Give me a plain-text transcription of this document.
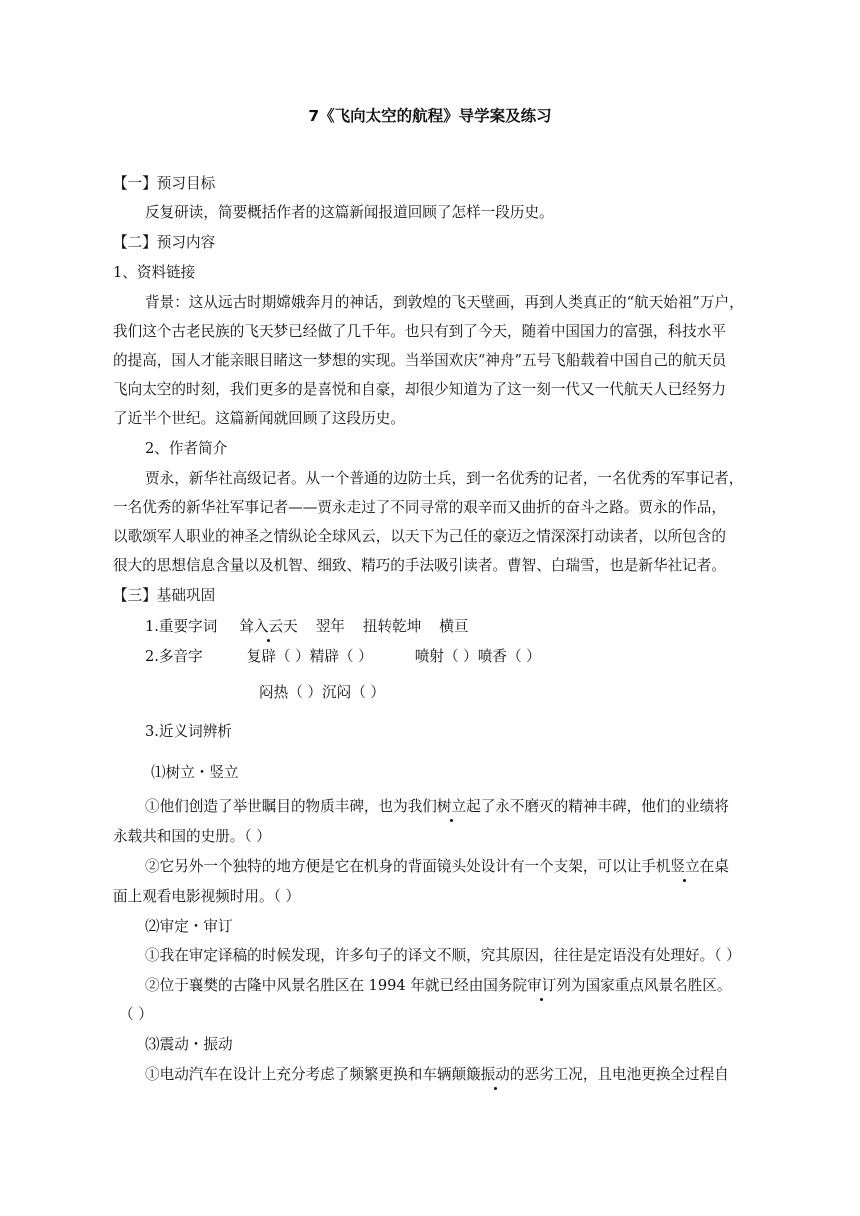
7《飞向太空的航程》导学案及练习
【一】预习目标
反复研读，简要概括作者的这篇新闻报道回顾了怎样一段历史。
【二】预习内容
1、资料链接
背景：这从远古时期嫦娥奔月的神话，到敦煌的飞天壁画，再到人类真正的“航天始祖”万户，
我们这个古老民族的飞天梦已经做了几千年。也只有到了今天，随着中国国力的富强，科技水平
的提高，国人才能亲眼目睹这一梦想的实现。当举国欢庆“神舟”五号飞船载着中国自己的航天员
飞向太空的时刻，我们更多的是喜悦和自豪，却很少知道为了这一刻一代又一代航天人已经努力
了近半个世纪。这篇新闻就回顾了这段历史。
2、作者简介
贾永，新华社高级记者。从一个普通的边防士兵，到一名优秀的记者，一名优秀的军事记者，
一名优秀的新华社军事记者——贾永走过了不同寻常的艰辛而又曲折的奋斗之路。贾永的作品，
以歌颂军人职业的神圣之情纵论全球风云，以天下为己任的豪迈之情深深打动读者，以所包含的
很大的思想信息含量以及机智、细致、精巧的手法吸引读者。曹智、白瑞雪，也是新华社记者。
【三】基础巩固
1.重要字词 耸入云天 翌年 扭转乾坤 横亘
2.多音字	复辟（ ）精辟（ ）	喷射（ ）喷香（ ）
闷热（ ）沉闷（ ）
3.近义词辨析
⑴树立・竖立
①他们创造了举世瞩目的物质丰碑，也为我们树立起了永不磨灭的精神丰碑，他们的业绩将
永载共和国的史册。（ ）
②它另外一个独特的地方便是它在机身的背面镜头处设计有一个支架，可以让手机竖立在桌
面上观看电影视频时用。（ ）
⑵审定・审订
①我在审定译稿的时候发现，许多句子的译文不顺，究其原因，往往是定语没有处理好。（ ）
②位于襄樊的古隆中风景名胜区在 1994 年就已经由国务院审订列为国家重点风景名胜区。
（ ）
⑶震动・振动
①电动汽车在设计上充分考虑了频繁更换和车辆颠簸振动的恶劣工况，且电池更换全过程自
